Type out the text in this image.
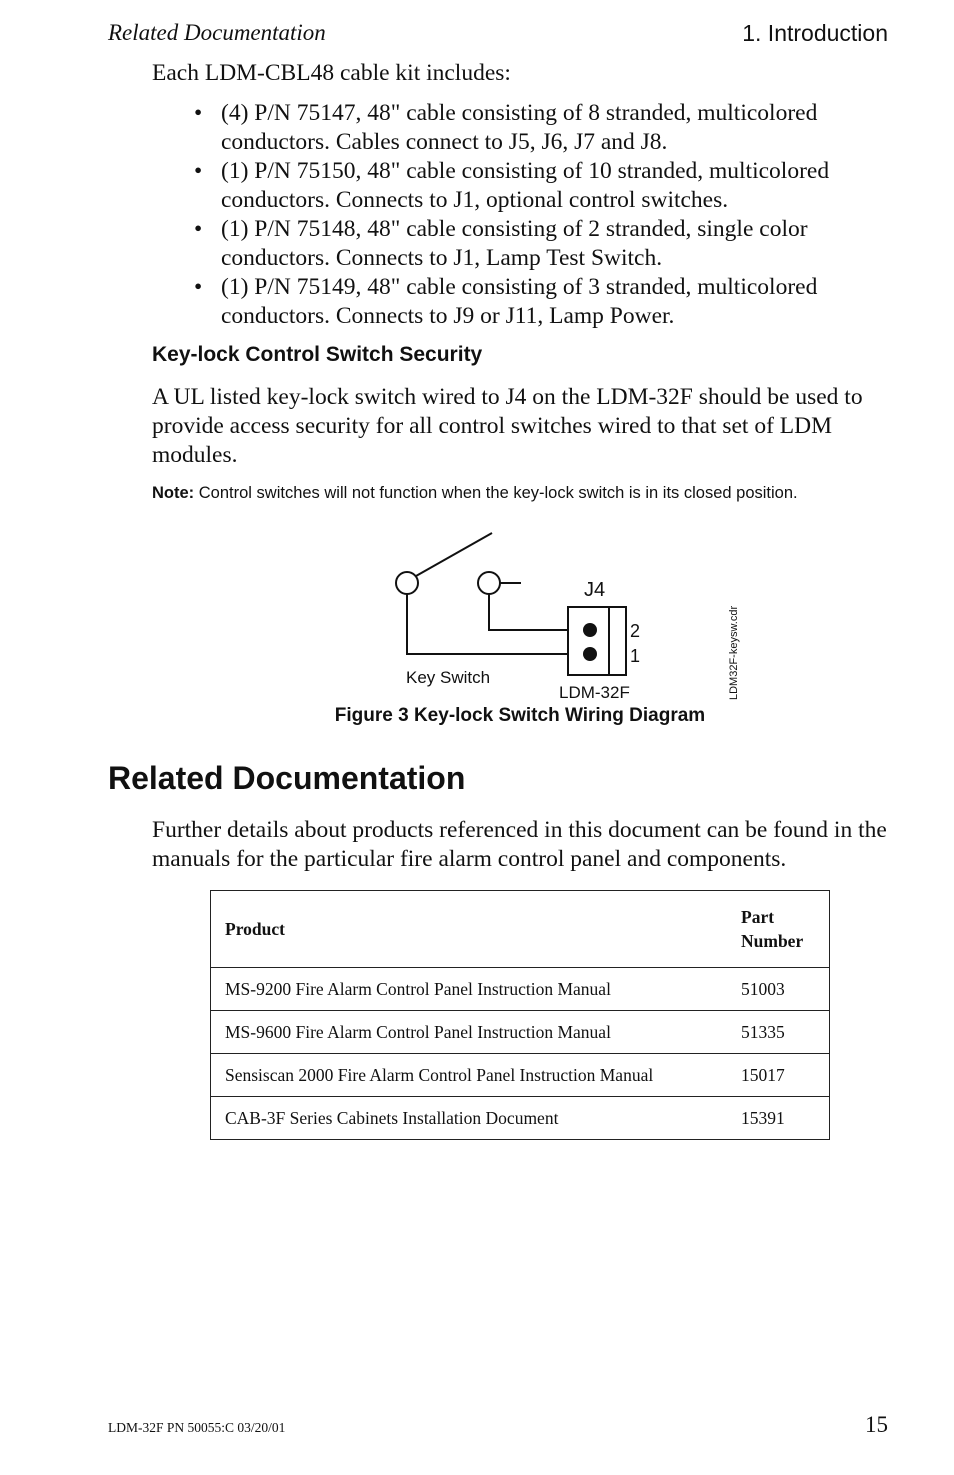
Related Documentation	1. Introduction
Each LDM-CBL48 cable kit includes:
• (4) P/N 75147, 48" cable consisting of 8 stranded, multicolored
conductors. Cables connect to J5, J6, J7 and J8.
• (1) P/N 75150, 48" cable consisting of 10 stranded, multicolored
conductors. Connects to J1, optional control switches.
• (1) P/N 75148, 48" cable consisting of 2 stranded, single color
conductors. Connects to J1, Lamp Test Switch.
• (1) P/N 75149, 48" cable consisting of 3 stranded, multicolored
conductors. Connects to J9 or J11, Lamp Power.
Key-lock Control Switch Security
A UL listed key-lock switch wired to J4 on the LDM-32F should be used to provide access security for all control switches wired to that set of LDM modules.
Note: Control switches will not function when the key-lock switch is in its closed position.
J4
2
1
Key Switch
LDM-32F	LDM32F-keysw.cdr
Figure 3 Key-lock Switch Wiring Diagram
Related Documentation
Further details about products referenced in this document can be found in the manuals for the particular fire alarm control panel and components.
Product	Part
Number
MS-9200 Fire Alarm Control Panel Instruction Manual	51003
MS-9600 Fire Alarm Control Panel Instruction Manual	51335
Sensiscan 2000 Fire Alarm Control Panel Instruction Manual	15017
CAB-3F Series Cabinets Installation Document	15391
LDM-32F PN 50055:C 03/20/01	15
